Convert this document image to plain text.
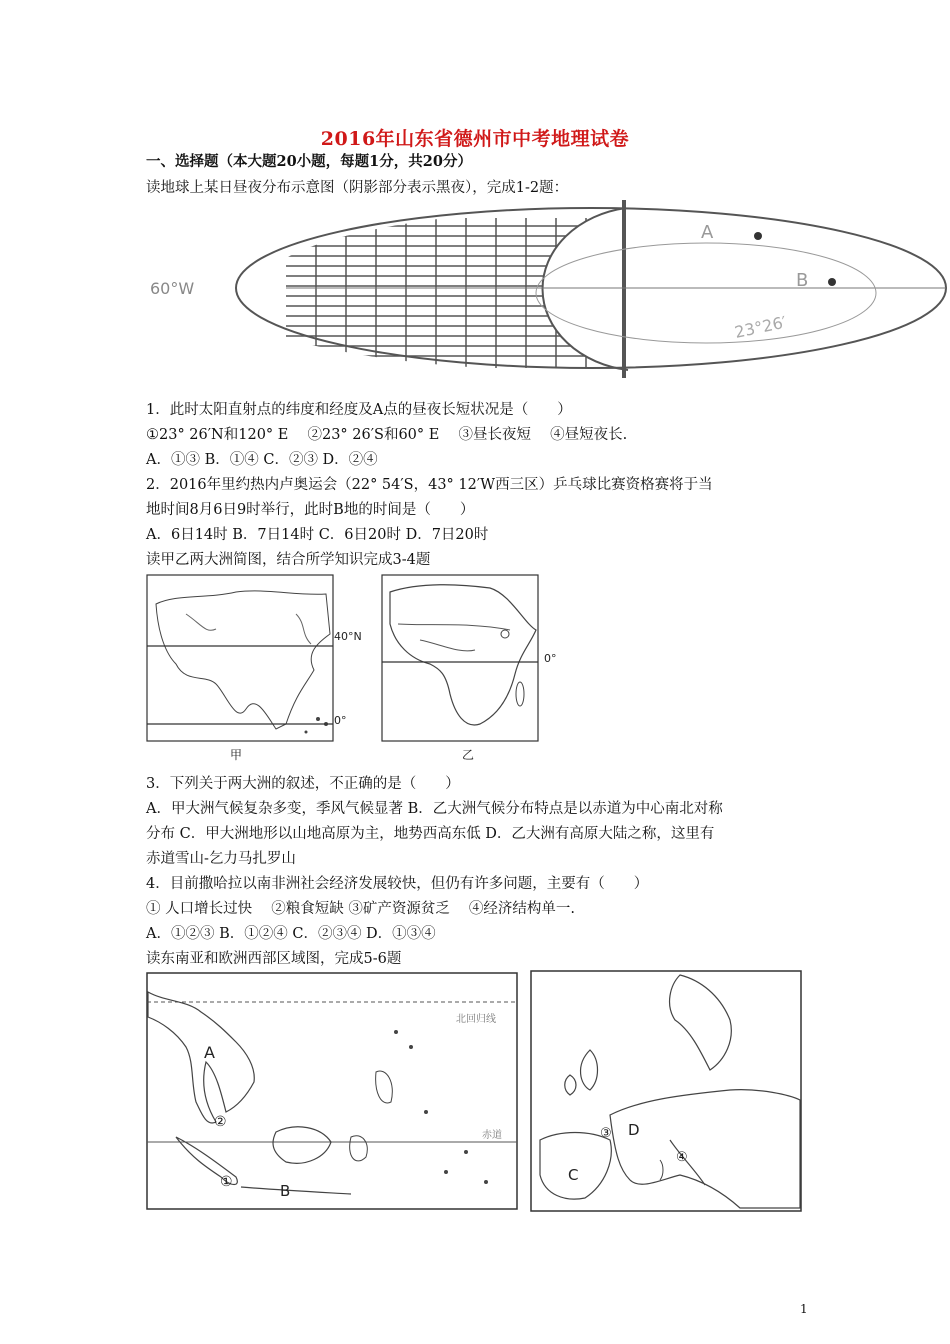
2016年山东省德州市中考地理试卷
一、选择题（本大题20小题，每题1分，共20分）
读地球上某日昼夜分布示意图（阴影部分表示黑夜），完成1-2题：
60°W
A
B
23°26′
1．此时太阳直射点的纬度和经度及A点的昼夜长短状况是（　　）
①23° 26′N和120° E　 ②23° 26′S和60° E　 ③昼长夜短　 ④昼短夜长.
A．①③ B．①④ C．②③ D．②④
2．2016年里约热内卢奥运会（22° 54′S，43° 12′W西三区）乒乓球比赛资格赛将于当
地时间8月6日9时举行，此时B地的时间是（　　）
A．6日14时 B．7日14时 C．6日20时 D．7日20时
读甲乙两大洲简图，结合所学知识完成3-4题
40°N
0°
甲
0°
乙
3．下列关于两大洲的叙述，不正确的是（　　）
A．甲大洲气候复杂多变，季风气候显著 B．乙大洲气候分布特点是以赤道为中心南北对称
分布 C．甲大洲地形以山地高原为主，地势西高东低 D．乙大洲有高原大陆之称，这里有
赤道雪山-乞力马扎罗山
4．目前撒哈拉以南非洲社会经济发展较快，但仍有许多问题，主要有（　　）
① 人口增长过快　 ②粮食短缺 ③矿产资源贫乏　 ④经济结构单一.
A．①②③ B．①②④ C．②③④ D．①③④
读东南亚和欧洲西部区域图，完成5-6题
北回归线
赤道
A
②
①	B
③ D
④
C
1
